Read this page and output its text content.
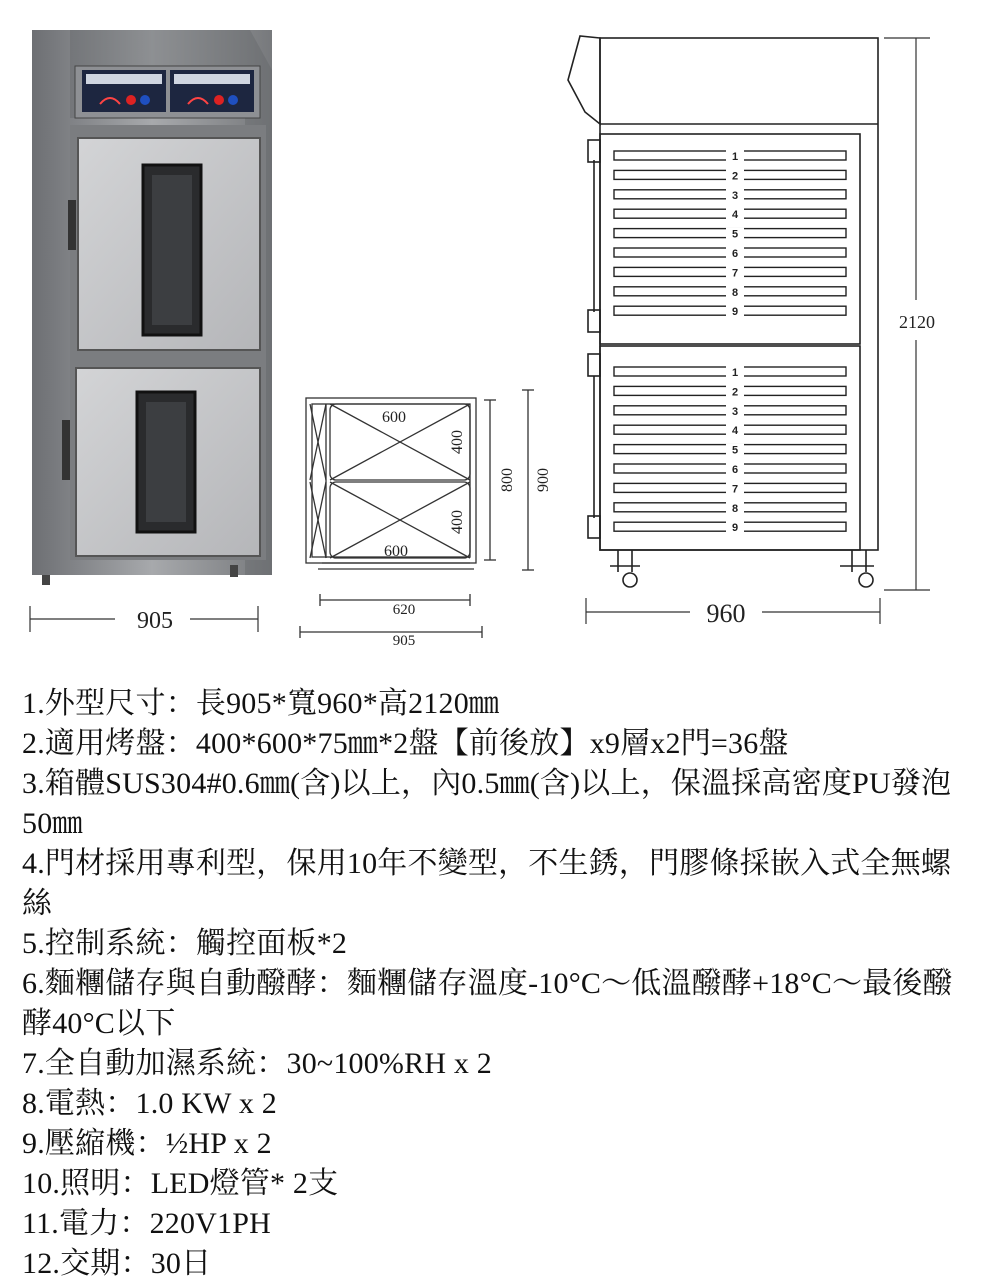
905
600
400
400
600
800 900
620
905
1
2
3
4
5
6
7
8
9
1
2
3
4
5
6
7
8
9
960
2120
1.外型尺寸：長905*寬960*高2120㎜
2.適用烤盤：400*600*75㎜*2盤【前後放】x9層x2門=36盤
3.箱體SUS304#0.6㎜(含)以上，內0.5㎜(含)以上，保溫採高密度PU發泡50㎜
4.門材採用專利型，保用10年不變型，不生銹，門膠條採嵌入式全無螺絲
5.控制系統：觸控面板*2
6.麵糰儲存與自動醱酵：麵糰儲存溫度-10°C～低溫醱酵+18°C～最後醱酵40°C以下
7.全自動加濕系統：30~100%RH x 2
8.電熱：1.0 KW x 2
9.壓縮機：½HP x 2
10.照明：LED燈管* 2支
11.電力：220V1PH
12.交期：30日
